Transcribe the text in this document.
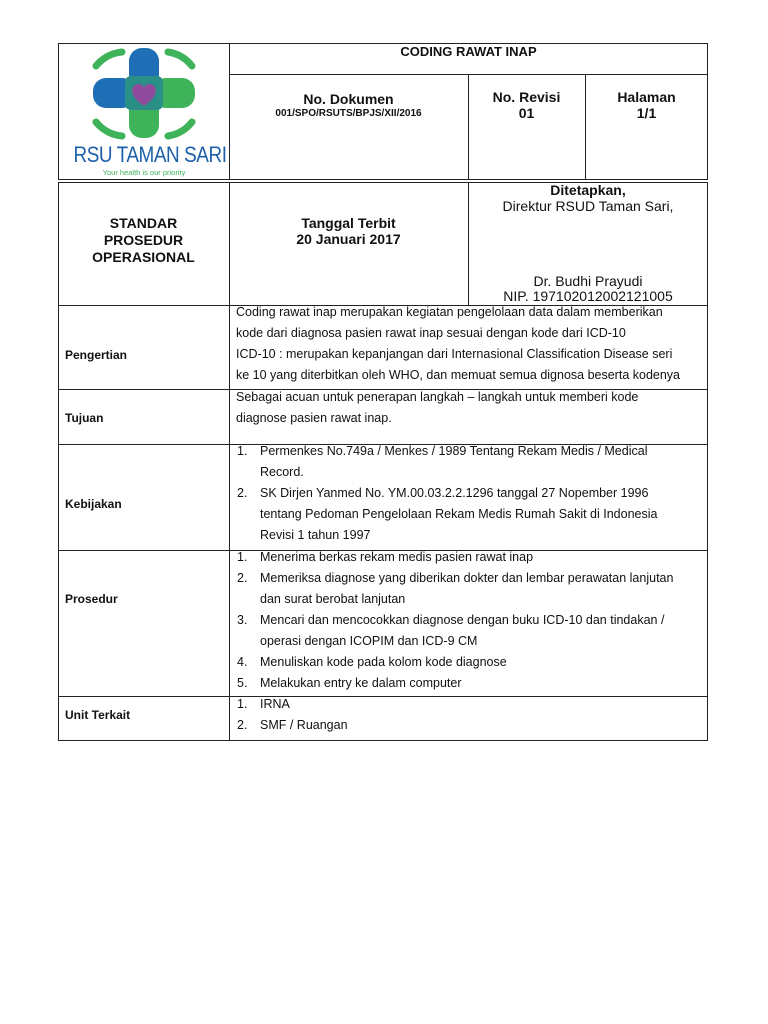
RSU TAMAN SARI
Your health is our priority
CODING RAWAT INAP
No. Dokumen
001/SPO/RSUTS/BPJS/XII/2016
No. Revisi
01
Halaman
1/1
STANDAR
PROSEDUR
OPERASIONAL
Tanggal Terbit
20 Januari 2017
Ditetapkan,
Direktur RSUD Taman Sari,
Dr. Budhi Prayudi
NIP. 197102012002121005
Pengertian
Coding rawat inap merupakan kegiatan pengelolaan data dalam memberikan
kode dari diagnosa pasien rawat inap sesuai dengan kode dari ICD-10
ICD-10 : merupakan kepanjangan dari Internasional Classification Disease seri
ke 10 yang diterbitkan oleh WHO, dan memuat semua dignosa beserta kodenya
Tujuan
Sebagai acuan untuk penerapan langkah – langkah untuk memberi kode
diagnose pasien rawat inap.
Kebijakan
1. Permenkes No.749a / Menkes / 1989 Tentang Rekam Medis / Medical
Record.
2. SK Dirjen Yanmed No. YM.00.03.2.2.1296 tanggal 27 Nopember 1996
tentang Pedoman Pengelolaan Rekam Medis Rumah Sakit di Indonesia
Revisi 1 tahun 1997
Prosedur
1. Menerima berkas rekam medis pasien rawat inap
2. Memeriksa diagnose yang diberikan dokter dan lembar perawatan lanjutan
dan surat berobat lanjutan
3. Mencari dan mencocokkan diagnose dengan buku ICD-10 dan tindakan /
operasi dengan ICOPIM dan ICD-9 CM
4. Menuliskan kode pada kolom kode diagnose
5. Melakukan entry ke dalam computer
Unit Terkait
1. IRNA
2. SMF / Ruangan
